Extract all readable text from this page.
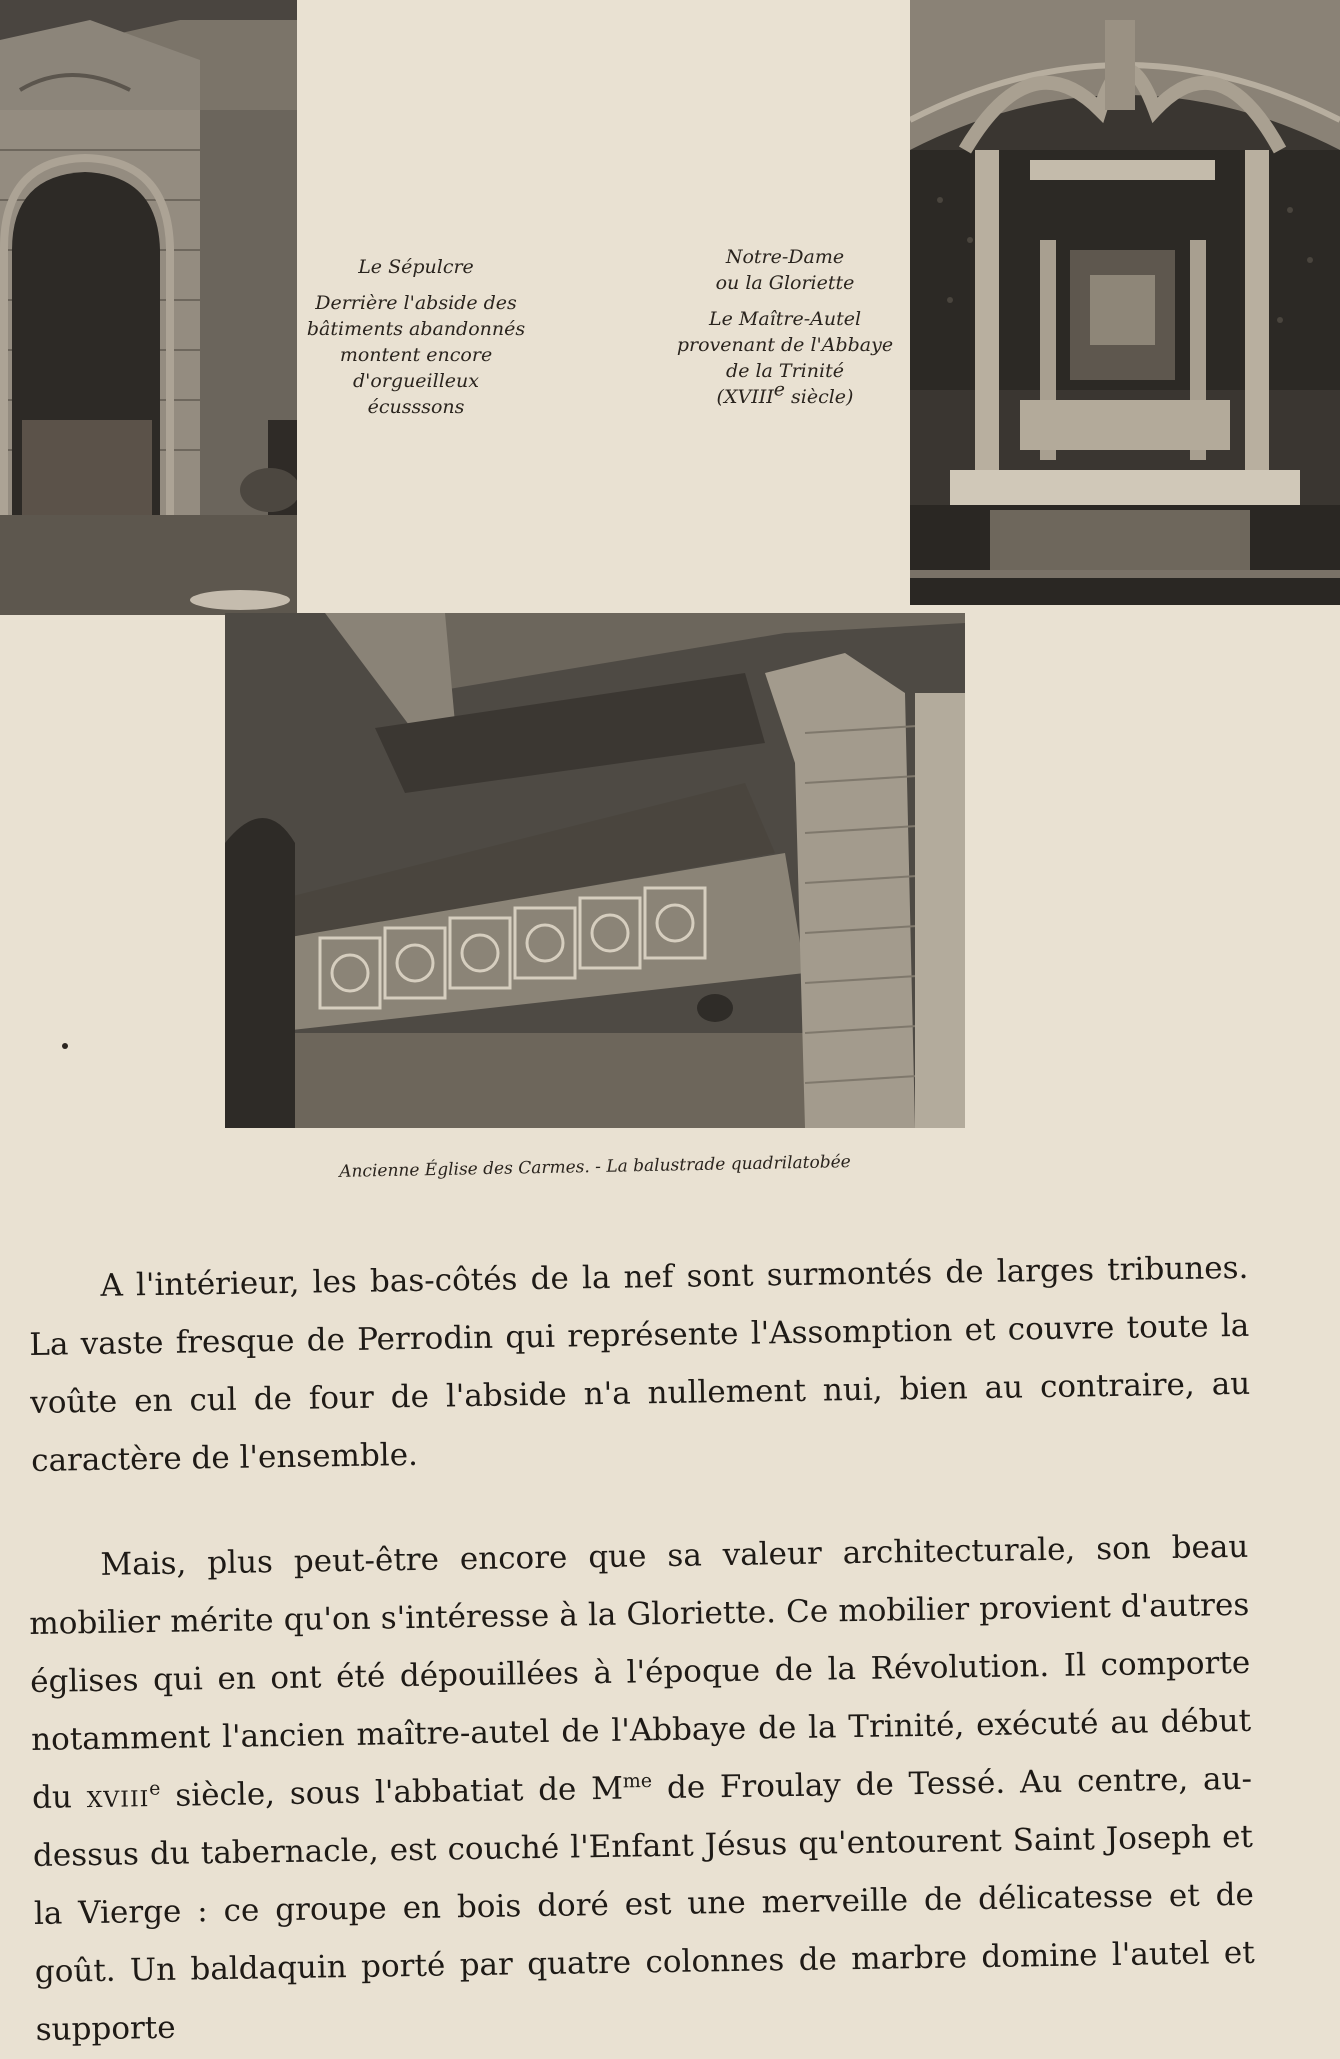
Le Sépulcre

Derrière l'abside des

bâtiments abandonnés

montent encore

d'orgueilleux

écusssons

Notre-Dame

ou la Gloriette

Le Maître-Autel

provenant de l'Abbaye

de la Trinité

(XVIIIe siècle)

Ancienne Église des Carmes. - La balustrade quadrilatobée

A l'intérieur, les bas-côtés de la nef sont surmontés de larges tribunes. La vaste fresque de Perrodin qui représente l'Assomption et couvre toute la voûte en cul de four de l'abside n'a nullement nui, bien au contraire, au caractère de l'ensemble.

Mais, plus peut-être encore que sa valeur architecturale, son beau mobilier mérite qu'on s'intéresse à la Gloriette. Ce mobilier provient d'autres églises qui en ont été dépouillées à l'époque de la Révolution. Il comporte notamment l'ancien maître-autel de l'Abbaye de la Trinité, exécuté au début du xviii$^e$ siècle, sous l'abbatiat de $M^{me}$ de Froulay de Tessé. Au centre, au-dessus du tabernacle, est couché l'Enfant Jésus qu'entourent Saint Joseph et la Vierge : ce groupe en bois doré est une merveille de délicatesse et de goût. Un baldaquin porté par quatre colonnes de marbre domine l'autel et supporte
